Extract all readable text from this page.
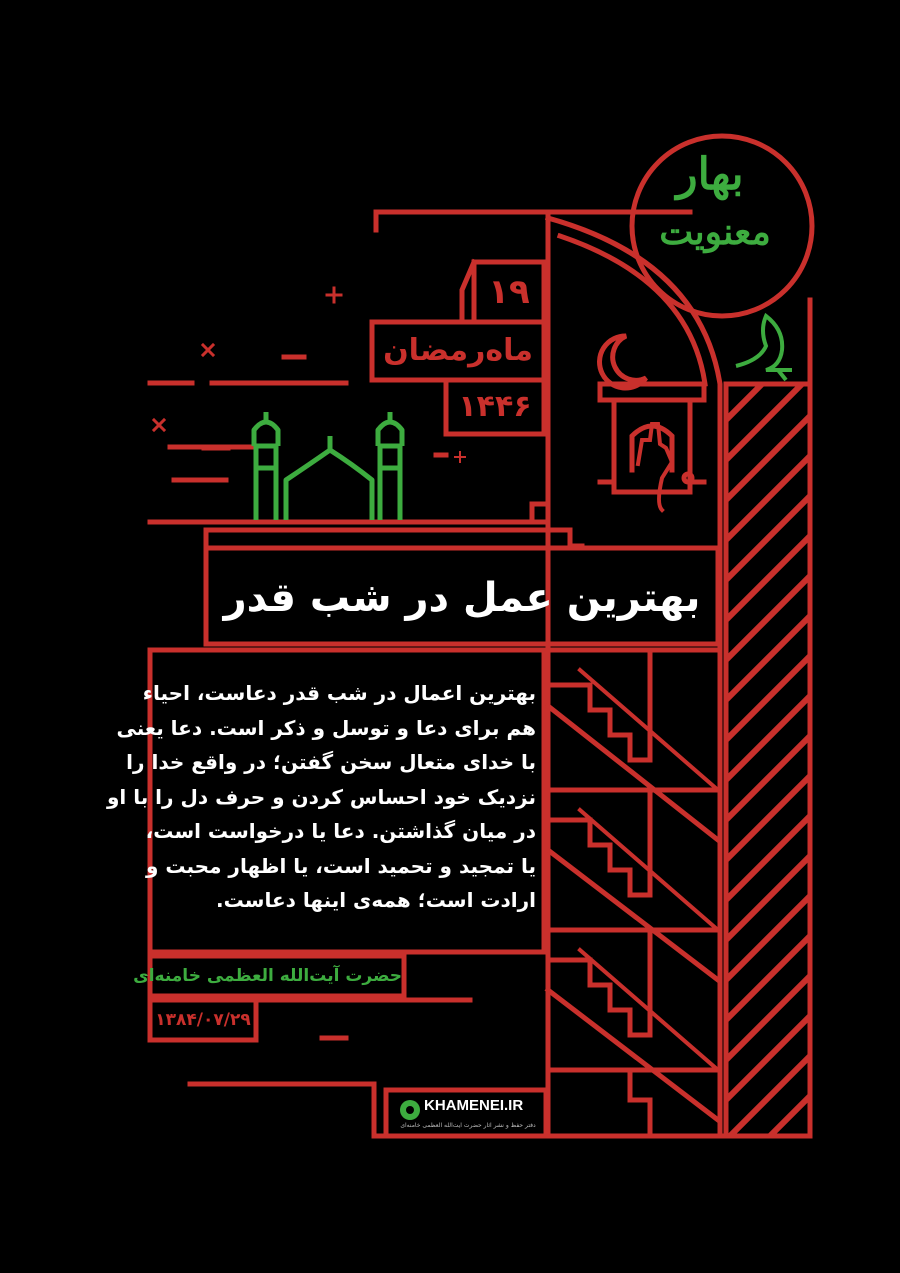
بهار
معنویت
۱۹
ماه‌رمضان
۱۴۴۶
بهترین عمل در شب قدر
بهترین اعمال در شب قدر دعاست، احیاء
هم برای دعا و توسل و ذکر است. دعا یعنی
با خدای متعال سخن گفتن؛ در واقع خدا را
نزدیک خود احساس کردن و حرف دل را با او
در میان گذاشتن. دعا یا درخواست است،
یا تمجید و تحمید است، یا اظهار محبت و
ارادت است؛ همه‌ی اینها دعاست.
حضرت آیت‌الله العظمی خامنه‌ای
۱۳۸۴/۰۷/۲۹
KHAMENEI.IR
دفتر حفظ و نشر آثار حضرت آیت‌الله العظمی خامنه‌ای
